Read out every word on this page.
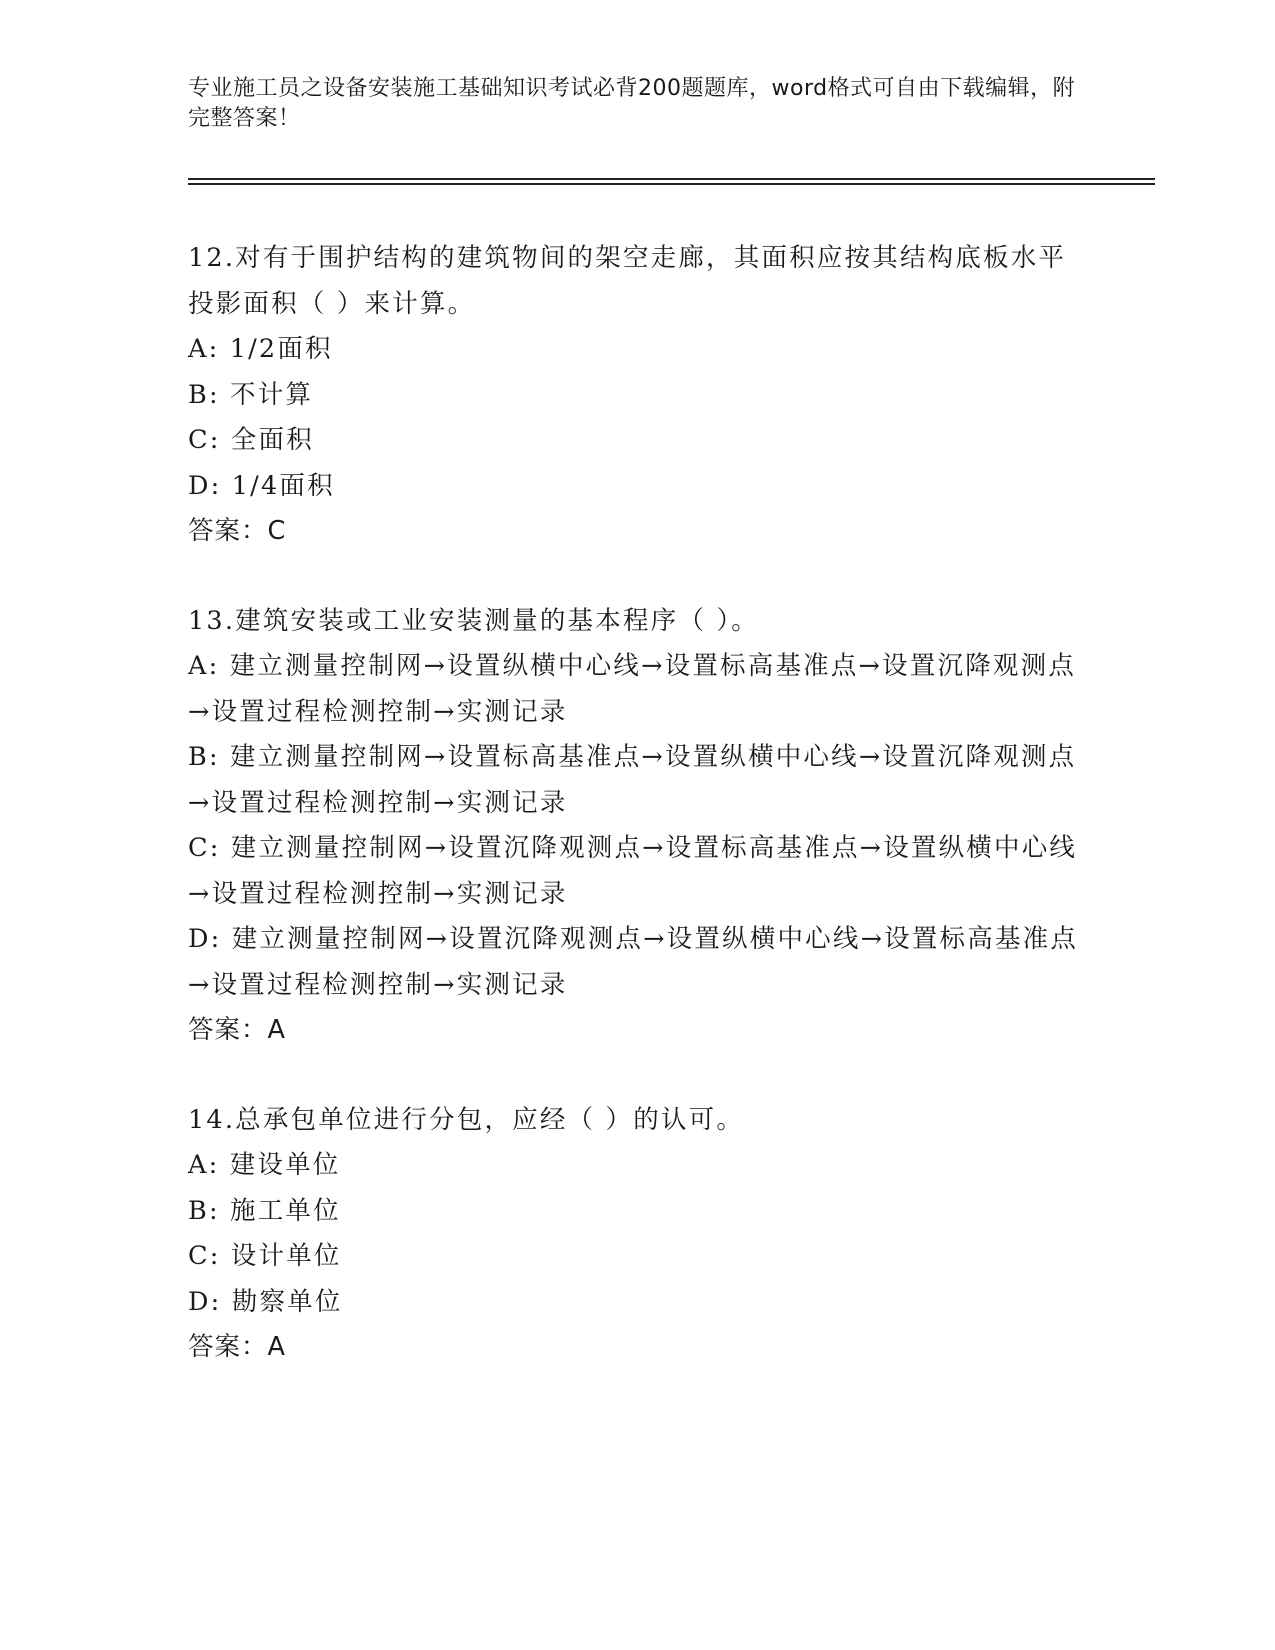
专业施工员之设备安装施工基础知识考试必背200题题库，word格式可自由下载编辑，附完整答案！
12.对有于围护结构的建筑物间的架空走廊，其面积应按其结构底板水平投影面积（ ）来计算。
A: 1/2面积
B: 不计算
C: 全面积
D: 1/4面积
答案：C
13.建筑安装或工业安装测量的基本程序（ ）。
A: 建立测量控制网→设置纵横中心线→设置标高基准点→设置沉降观测点→设置过程检测控制→实测记录
B: 建立测量控制网→设置标高基准点→设置纵横中心线→设置沉降观测点→设置过程检测控制→实测记录
C: 建立测量控制网→设置沉降观测点→设置标高基准点→设置纵横中心线→设置过程检测控制→实测记录
D: 建立测量控制网→设置沉降观测点→设置纵横中心线→设置标高基准点→设置过程检测控制→实测记录
答案：A
14.总承包单位进行分包，应经（ ）的认可。
A: 建设单位
B: 施工单位
C: 设计单位
D: 勘察单位
答案：A
